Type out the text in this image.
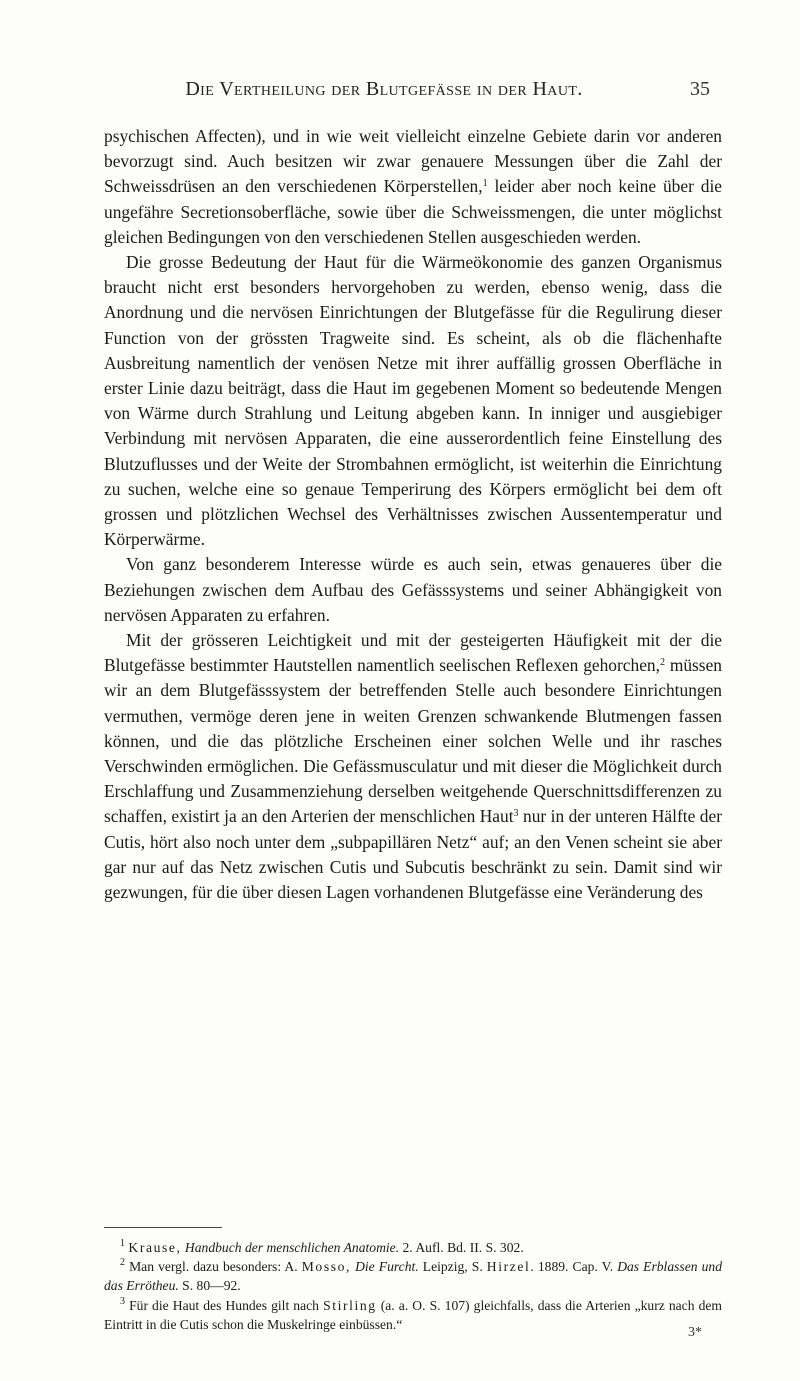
Die Vertheilung der Blutgefässe in der Haut.	35

psychischen Affecten), und in wie weit vielleicht einzelne Gebiete darin vor anderen bevorzugt sind. Auch besitzen wir zwar genauere Messungen über die Zahl der Schweissdrüsen an den verschiedenen Körperstellen,$^1$ leider aber noch keine über die ungefähre Secretionsoberfläche, sowie über die Schweissmengen, die unter möglichst gleichen Bedingungen von den verschiedenen Stellen ausgeschieden werden.

Die grosse Bedeutung der Haut für die Wärmeökonomie des ganzen Organismus braucht nicht erst besonders hervorgehoben zu werden, ebenso wenig, dass die Anordnung und die nervösen Einrichtungen der Blutgefässe für die Regulirung dieser Function von der grössten Tragweite sind. Es scheint, als ob die flächenhafte Ausbreitung namentlich der venösen Netze mit ihrer auffällig grossen Oberfläche in erster Linie dazu beiträgt, dass die Haut im gegebenen Moment so bedeutende Mengen von Wärme durch Strahlung und Leitung abgeben kann. In inniger und ausgiebiger Verbindung mit nervösen Apparaten, die eine ausserordentlich feine Einstellung des Blutzuflusses und der Weite der Strombahnen ermöglicht, ist weiterhin die Einrichtung zu suchen, welche eine so genaue Temperirung des Körpers ermöglicht bei dem oft grossen und plötzlichen Wechsel des Verhältnisses zwischen Aussentemperatur und Körperwärme.

Von ganz besonderem Interesse würde es auch sein, etwas genaueres über die Beziehungen zwischen dem Aufbau des Gefässsystems und seiner Abhängigkeit von nervösen Apparaten zu erfahren.

Mit der grösseren Leichtigkeit und mit der gesteigerten Häufigkeit mit der die Blutgefässe bestimmter Hautstellen namentlich seelischen Reflexen gehorchen,$^2$ müssen wir an dem Blutgefässsystem der betreffenden Stelle auch besondere Einrichtungen vermuthen, vermöge deren jene in weiten Grenzen schwankende Blutmengen fassen können, und die das plötzliche Erscheinen einer solchen Welle und ihr rasches Verschwinden ermöglichen. Die Gefässmusculatur und mit dieser die Möglichkeit durch Erschlaffung und Zusammenziehung derselben weitgehende Querschnittsdifferenzen zu schaffen, existirt ja an den Arterien der menschlichen Haut$^3$ nur in der unteren Hälfte der Cutis, hört also noch unter dem „subpapillären Netz“ auf; an den Venen scheint sie aber gar nur auf das Netz zwischen Cutis und Subcutis beschränkt zu sein. Damit sind wir gezwungen, für die über diesen Lagen vorhandenen Blutgefässe eine Veränderung des

$^1$ Krause, Handbuch der menschlichen Anatomie. 2. Aufl. Bd. II. S. 302.

$^2$ Man vergl. dazu besonders: A. Mosso, Die Furcht. Leipzig, S. Hirzel. 1889. Cap. V. Das Erblassen und das Errötheu. S. 80—92.

$^3$ Für die Haut des Hundes gilt nach Stirling (a. a. O. S. 107) gleichfalls, dass die Arterien „kurz nach dem Eintritt in die Cutis schon die Muskelringe einbüssen.“

3*
